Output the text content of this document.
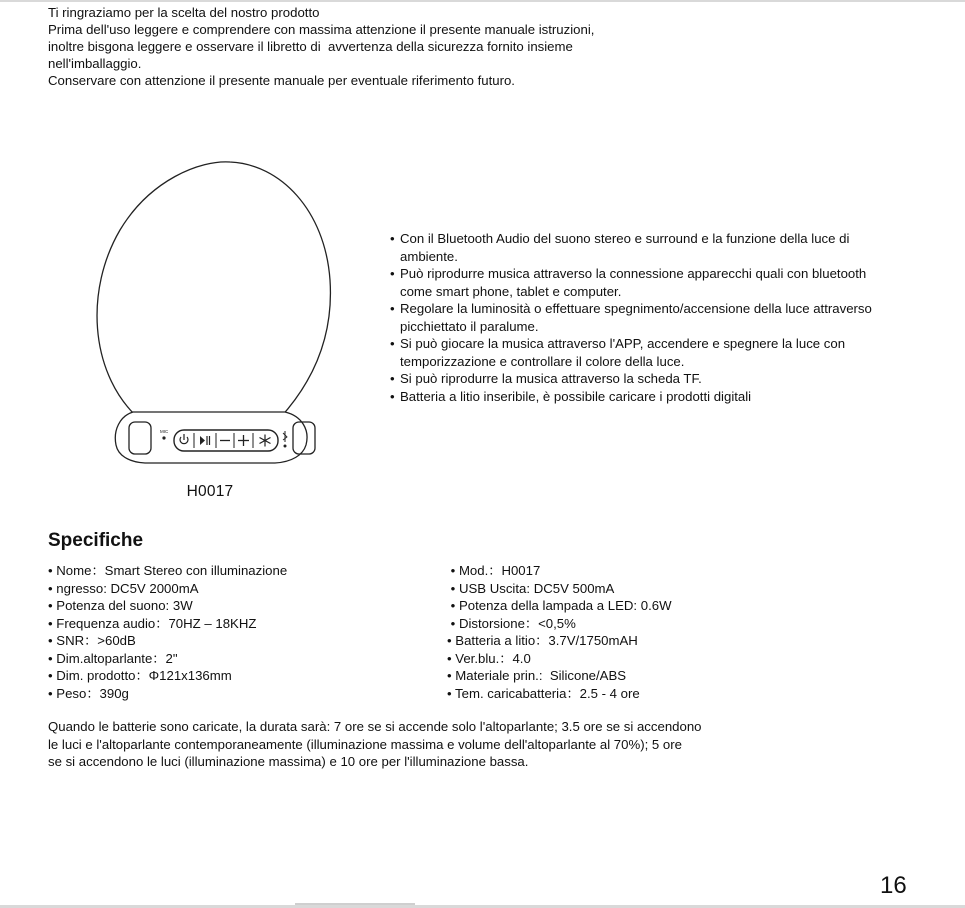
Ti ringraziamo per la scelta del nostro prodotto

Prima dell'uso leggere e comprendere con massima attenzione il presente manuale istruzioni,

inoltre bisgona leggere e osservare il libretto di  avvertenza della sicurezza fornito insieme

nell'imballaggio.

Conservare con attenzione il presente manuale per eventuale riferimento futuro.

MIC
H0017
• Con il Bluetooth Audio del suono stereo e surround e la funzione della luce di ambiente.
• Può riprodurre musica attraverso la connessione apparecchi quali con bluetooth come smart phone, tablet e computer.
• Regolare la luminosità o effettuare spegnimento/accensione della luce attraverso picchiettato il paralume.
• Si può giocare la musica attraverso l'APP, accendere e spegnere la luce con temporizzazione e controllare il colore della luce.
• Si può riprodurre la musica attraverso la scheda TF.
• Batteria a litio inseribile, è possibile caricare i prodotti digitali
Specifiche
• Nome：Smart Stereo con illuminazione
• ngresso: DC5V 2000mA
• Potenza del suono: 3W
• Frequenza audio：70HZ – 18KHZ
• SNR：>60dB
• Dim.altoparlante：2"
• Dim. prodotto：Φ121x136mm
• Peso：390g
• Mod.：H0017
• USB Uscita: DC5V 500mA
• Potenza della lampada a LED: 0.6W
• Distorsione：<0,5%
• Batteria a litio：3.7V/1750mAH
• Ver.blu.：4.0
• Materiale prin.:  Silicone/ABS
• Tem. caricabatteria：2.5 - 4 ore

Quando le batterie sono caricate, la durata sarà: 7 ore se si accende solo l'altoparlante; 3.5 ore se si accendono

le luci e l'altoparlante contemporaneamente (illuminazione massima e volume dell'altoparlante al 70%); 5 ore

se si accendono le luci (illuminazione massima) e 10 ore per l'illuminazione bassa.

16
